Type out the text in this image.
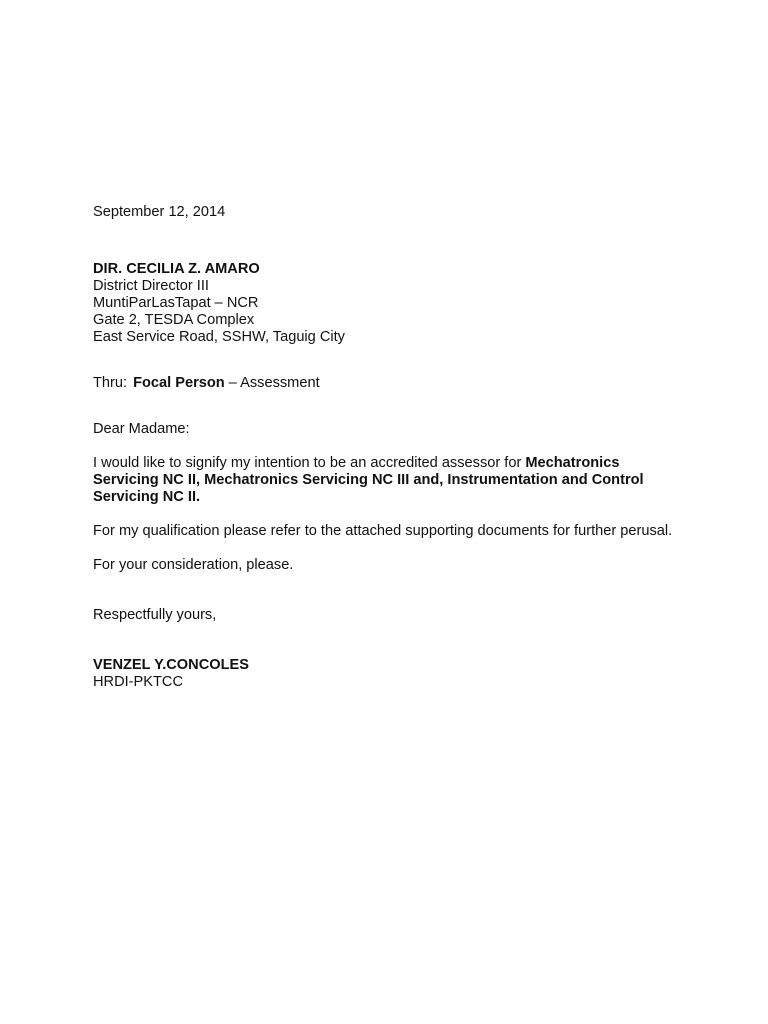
September 12, 2014
DIR. CECILIA Z. AMARO
District Director III
MuntiParLasTapat – NCR
Gate 2, TESDA Complex
East Service Road, SSHW, Taguig City
Thru: Focal Person – Assessment
Dear Madame:

I would like to signify my intention to be an accredited assessor for Mechatronics Servicing NC II, Mechatronics Servicing NC III and, Instrumentation and Control Servicing NC II.

For my qualification please refer to the attached supporting documents for further perusal.

For your consideration, please.

Respectfully yours,
VENZEL Y.CONCOLES
HRDI-PKTCC
